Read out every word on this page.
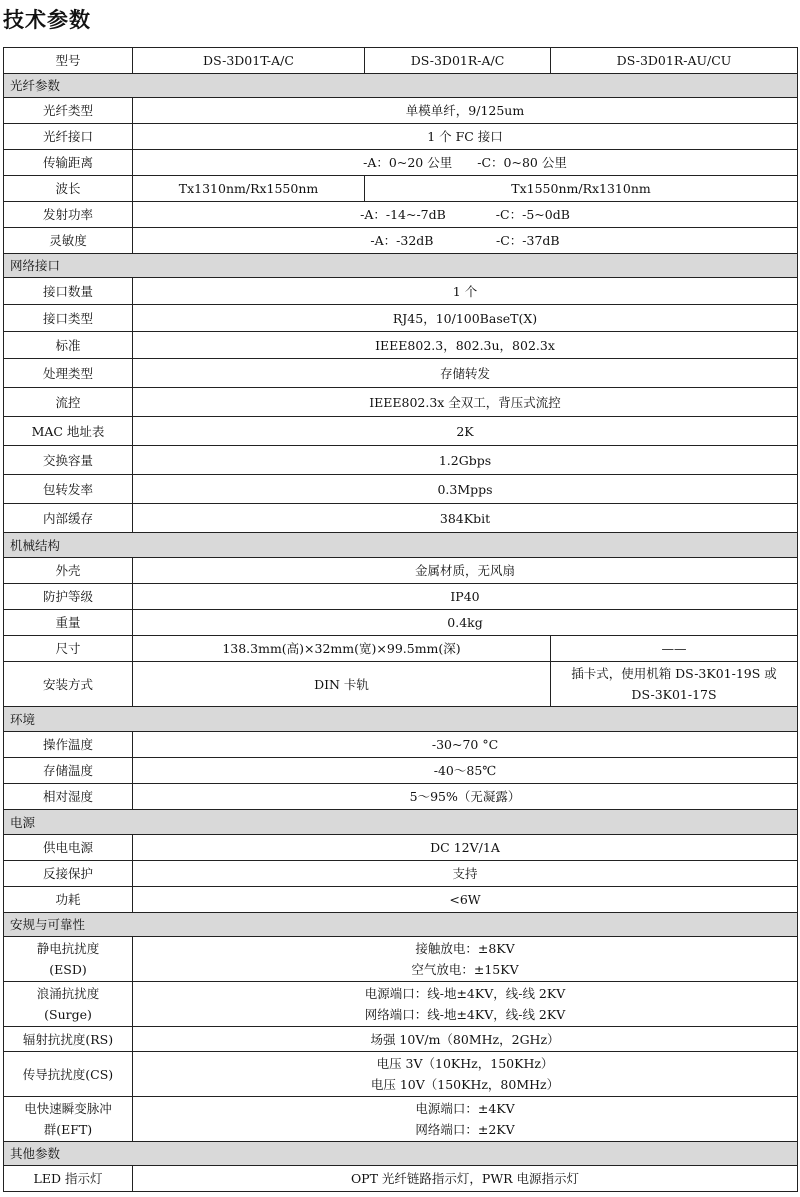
技术参数
型号	DS-3D01T-A/C	DS-3D01R-A/C	DS-3D01R-AU/CU
光纤参数			
光纤类型	单模单纤，9/125um		
光纤接口	1 个 FC 接口		
传输距离	-A：0~20 公里　　-C：0~80 公里		
波长	Tx1310nm/Rx1550nm	Tx1550nm/Rx1310nm	
发射功率	-A：-14~-7dB　　　　-C：-5~0dB		
灵敏度	-A：-32dB　　　　　-C：-37dB		
网络接口			
接口数量	1 个		
接口类型	RJ45，10/100BaseT(X)		
标准	IEEE802.3，802.3u，802.3x		
处理类型	存储转发		
流控	IEEE802.3x 全双工，背压式流控		
MAC 地址表	2K		
交换容量	1.2Gbps		
包转发率	0.3Mpps		
内部缓存	384Kbit		
机械结构			
外壳	金属材质，无风扇		
防护等级	IP40		
重量	0.4kg		
尺寸	138.3mm(高)×32mm(宽)×99.5mm(深)		——
安装方式	DIN 卡轨		插卡式，使用机箱 DS-3K01-19S 或
DS-3K01-17S

环境			
操作温度	-30~70 °C		
存储温度	-40～85℃		
相对湿度	5～95%（无凝露）		
电源			
供电电源	DC 12V/1A		
反接保护	支持		
功耗	<6W		
安规与可靠性			

静电抗扰度
(ESD)	接触放电：±8KV
空气放电：±15KV		

浪涌抗扰度
(Surge)	电源端口：线-地±4KV，线-线 2KV
网络端口：线-地±4KV，线-线 2KV		

辐射抗扰度(RS)	场强 10V/m（80MHz，2GHz）		
传导抗扰度(CS)	电压 3V（10KHz，150KHz）
电压 10V（150KHz，80MHz）		

电快速瞬变脉冲
群(EFT)	电源端口：±4KV
网络端口：±2KV		

其他参数			
LED 指示灯	OPT 光纤链路指示灯，PWR 电源指示灯		
